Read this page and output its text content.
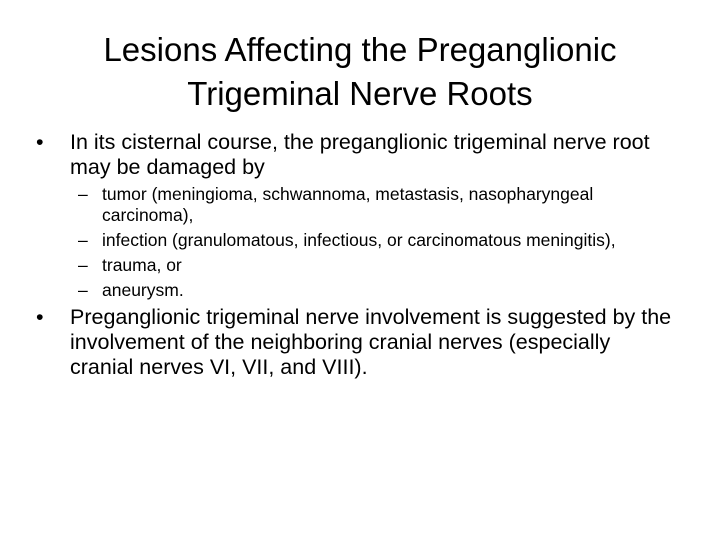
Lesions Affecting the Preganglionic
Trigeminal Nerve Roots
• In its cisternal course, the preganglionic trigeminal nerve root may be damaged by
– tumor (meningioma, schwannoma, metastasis, nasopharyngeal carcinoma),
– infection (granulomatous, infectious, or carcinomatous meningitis),
– trauma, or
– aneurysm.
• Preganglionic trigeminal nerve involvement is suggested by the involvement of the neighboring cranial nerves (especially cranial nerves VI, VII, and VIII).
